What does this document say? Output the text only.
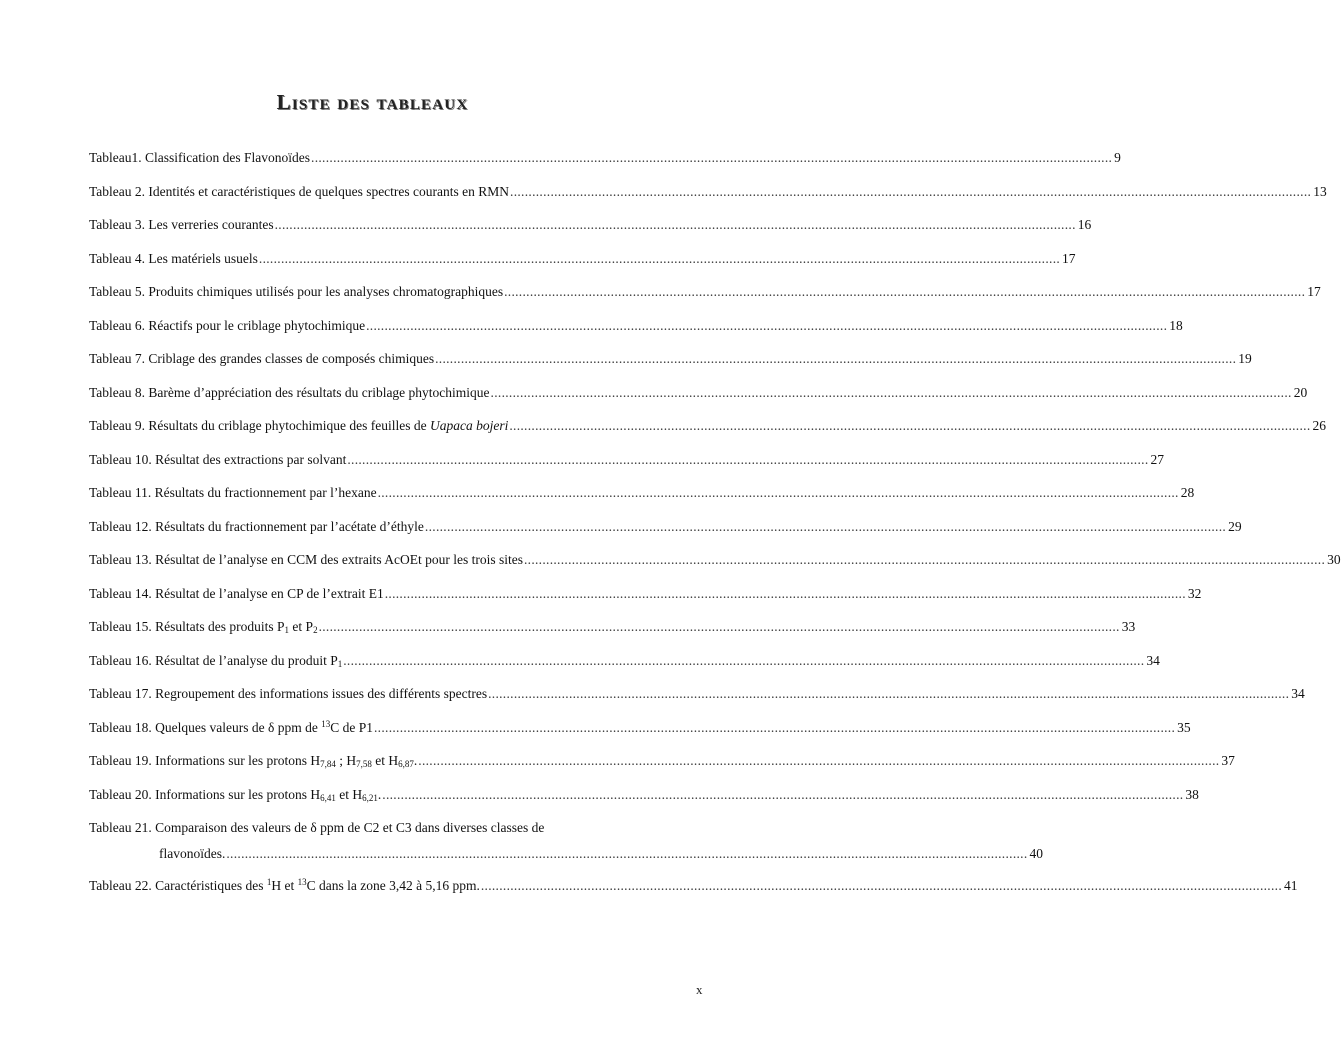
Liste des tableaux
Tableau1. Classification des Flavonoïdes .......................................................................................................................................................................................................................... 9
Tableau 2. Identités et caractéristiques de quelques spectres courants en RMN .......................................................................................................................................................................................................................... 13
Tableau 3. Les verreries courantes .......................................................................................................................................................................................................................... 16
Tableau 4. Les matériels usuels .......................................................................................................................................................................................................................... 17
Tableau 5. Produits chimiques utilisés pour les analyses chromatographiques .......................................................................................................................................................................................................................... 17
Tableau 6. Réactifs pour le criblage phytochimique .......................................................................................................................................................................................................................... 18
Tableau 7. Criblage des grandes classes de composés chimiques .......................................................................................................................................................................................................................... 19
Tableau 8. Barème d’appréciation des résultats du criblage phytochimique .......................................................................................................................................................................................................................... 20
Tableau 9. Résultats du criblage phytochimique des feuilles de Uapaca bojeri .......................................................................................................................................................................................................................... 26
Tableau 10. Résultat des extractions par solvant .......................................................................................................................................................................................................................... 27
Tableau 11. Résultats du fractionnement par l’hexane .......................................................................................................................................................................................................................... 28
Tableau 12. Résultats du fractionnement par l’acétate d’éthyle .......................................................................................................................................................................................................................... 29
Tableau 13. Résultat de l’analyse en CCM des extraits AcOEt pour les trois sites .......................................................................................................................................................................................................................... 30
Tableau 14. Résultat de l’analyse en CP de l’extrait E1 .......................................................................................................................................................................................................................... 32
Tableau 15. Résultats des produits $P_1$ et $P_2$ .......................................................................................................................................................................................................................... 33
Tableau 16. Résultat de l’analyse du produit $P_1$ .......................................................................................................................................................................................................................... 34
Tableau 17. Regroupement des informations issues des différents spectres .......................................................................................................................................................................................................................... 34
Tableau 18. Quelques valeurs de δ ppm de $^{13}$C de P1 .......................................................................................................................................................................................................................... 35
Tableau 19. Informations sur les protons $H_{7,84}$ ; $H_{7,58}$ et $H_{6,87}$. .......................................................................................................................................................................................................................... 37
Tableau 20. Informations sur les protons $H_{6,41}$ et $H_{6,21}$. .......................................................................................................................................................................................................................... 38
Tableau 21. Comparaison des valeurs de δ ppm de C2 et C3 dans diverses classes de
flavonoïdes. .......................................................................................................................................................................................................................... 40
Tableau 22. Caractéristiques des $^1$H et $^{13}$C dans la zone 3,42 à 5,16 ppm. .......................................................................................................................................................................................................................... 41
x
